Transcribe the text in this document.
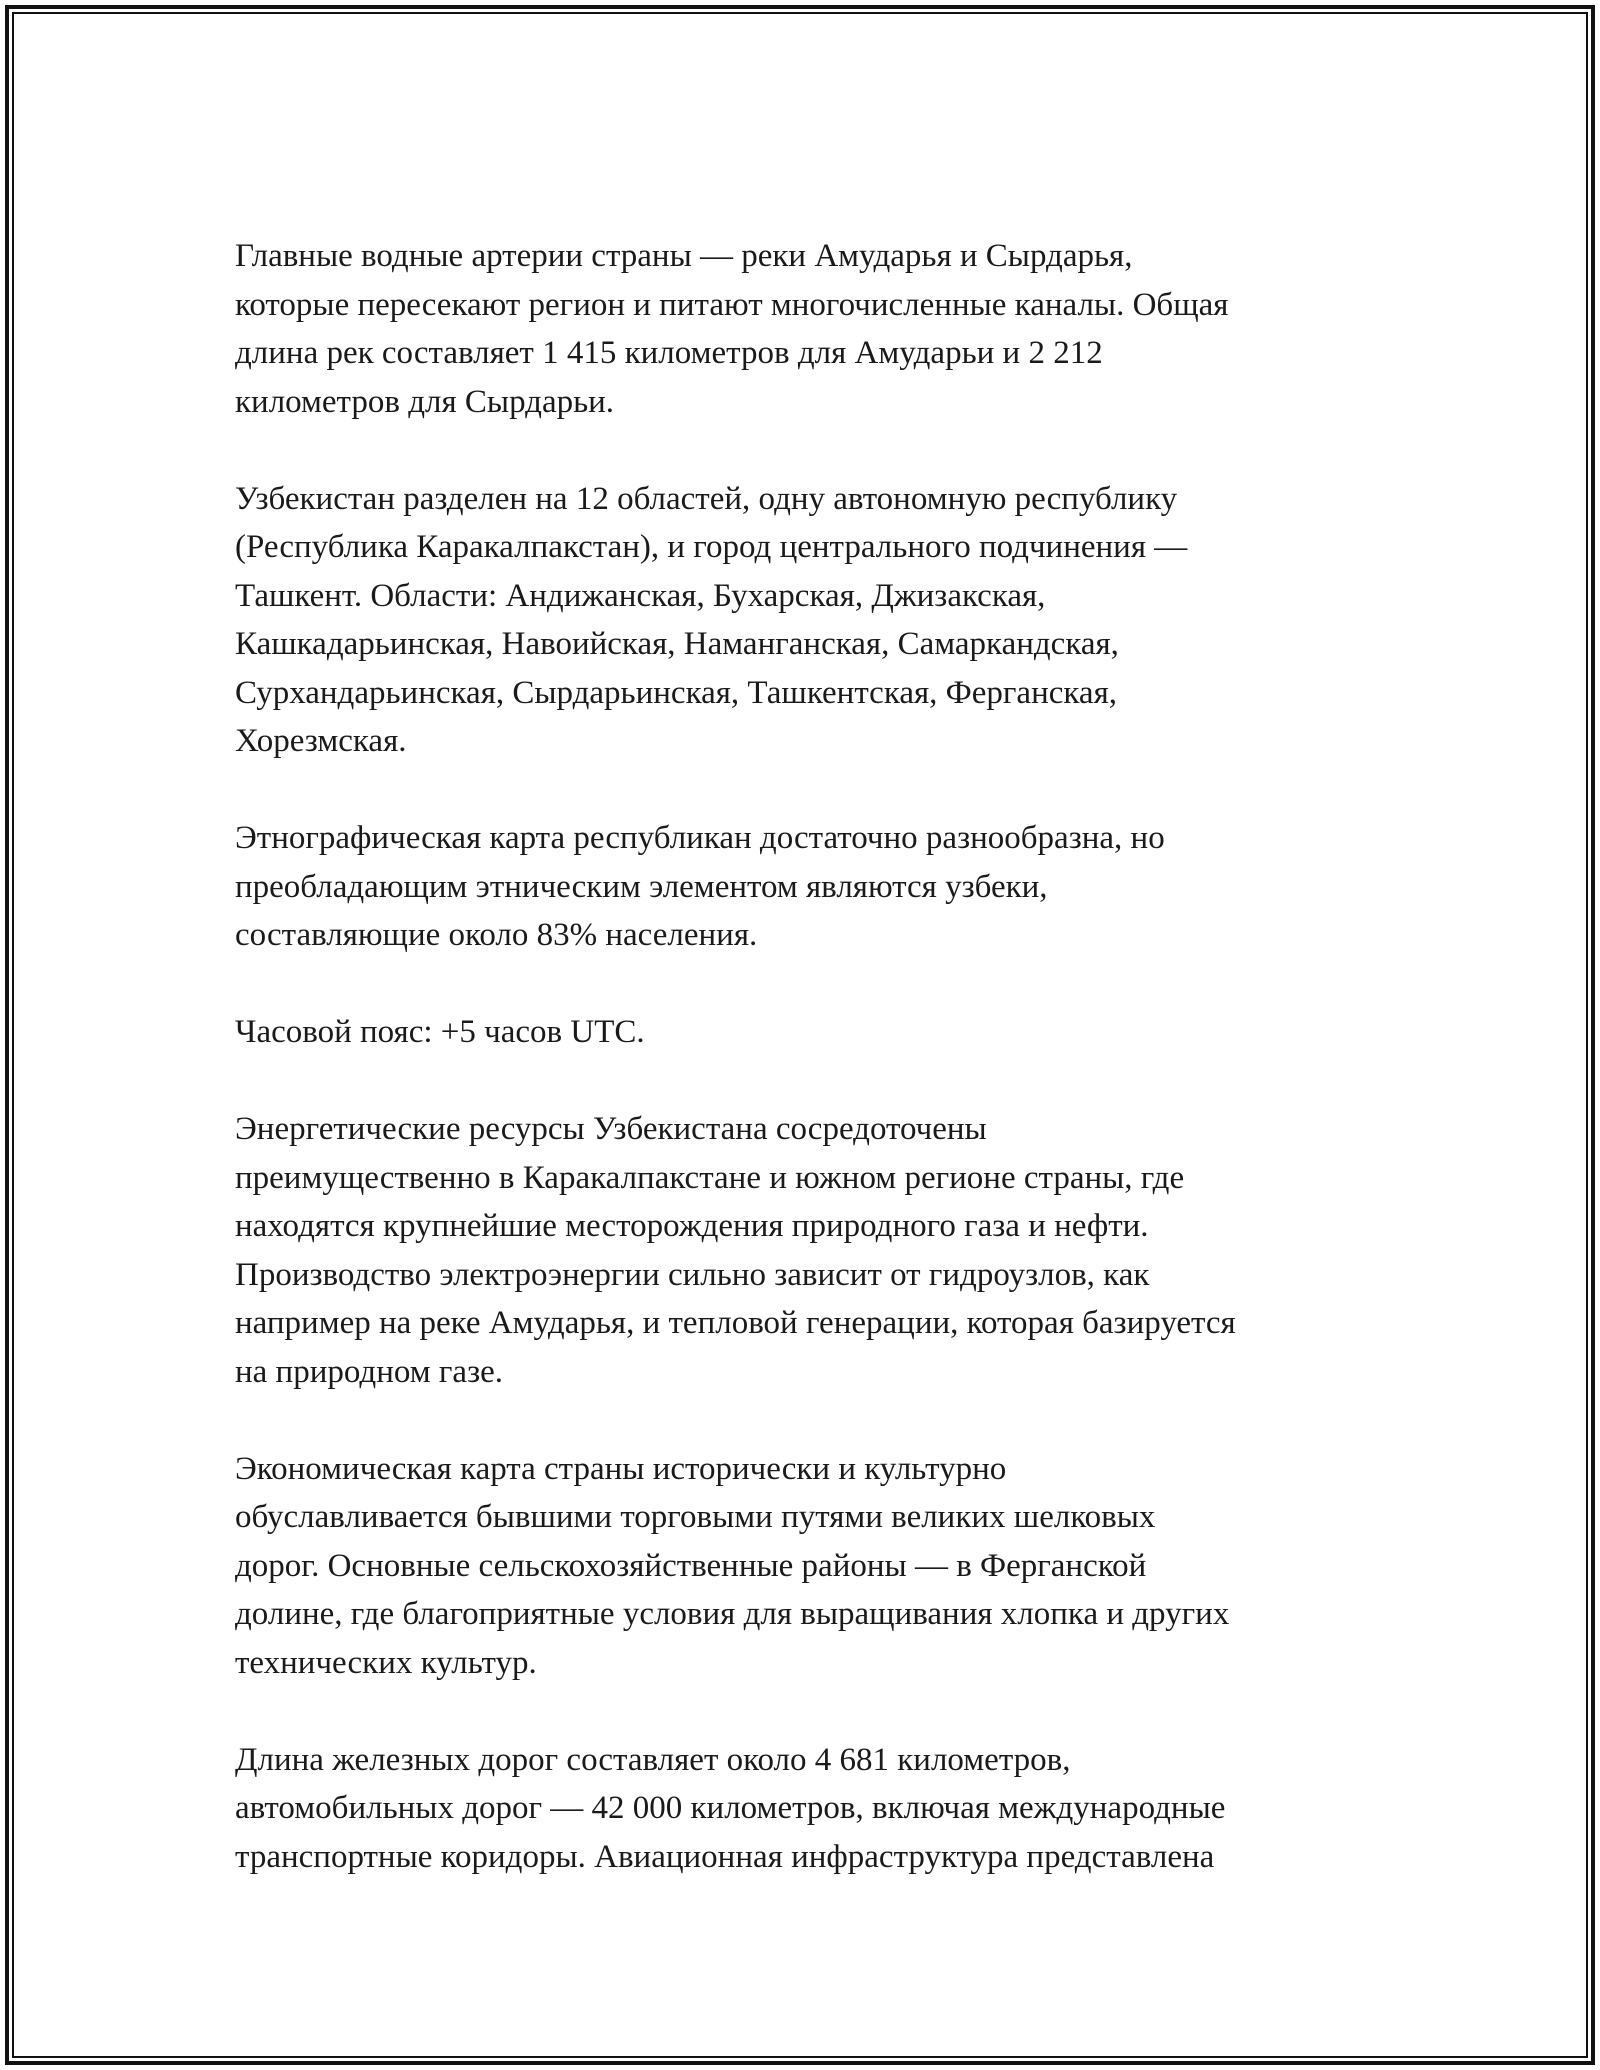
Главные водные артерии страны — реки Амударья и Сырдарья,
которые пересекают регион и питают многочисленные каналы. Общая
длина рек составляет 1 415 километров для Амударьи и 2 212
километров для Сырдарьи.

Узбекистан разделен на 12 областей, одну автономную республику
(Республика Каракалпакстан), и город центрального подчинения —
Ташкент. Области: Андижанская, Бухарская, Джизакская,
Кашкадарьинская, Навоийская, Наманганская, Самаркандская,
Сурхандарьинская, Сырдарьинская, Ташкентская, Ферганская,
Хорезмская.

Этнографическая карта республикан достаточно разнообразна, но
преобладающим этническим элементом являются узбеки,
составляющие около 83% населения.

Часовой пояс: +5 часов UTC.

Энергетические ресурсы Узбекистана сосредоточены
преимущественно в Каракалпакстане и южном регионе страны, где
находятся крупнейшие месторождения природного газа и нефти.
Производство электроэнергии сильно зависит от гидроузлов, как
например на реке Амударья, и тепловой генерации, которая базируется
на природном газе.

Экономическая карта страны исторически и культурно
обуславливается бывшими торговыми путями великих шелковых
дорог. Основные сельскохозяйственные районы — в Ферганской
долине, где благоприятные условия для выращивания хлопка и других
технических культур.

Длина железных дорог составляет около 4 681 километров,
автомобильных дорог — 42 000 километров, включая международные
транспортные коридоры. Авиационная инфраструктура представлена
